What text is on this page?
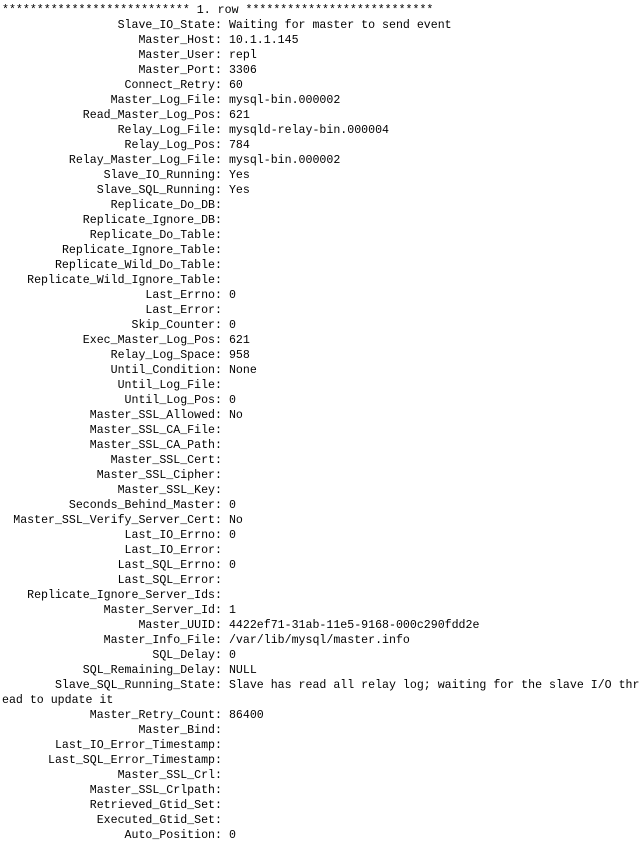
*************************** 1. row ***************************
Slave_IO_State : Waiting for master to send event
Master_Host : 10.1.1.145
Master_User : repl
Master_Port : 3306
Connect_Retry : 60
Master_Log_File : mysql-bin.000002
Read_Master_Log_Pos : 621
Relay_Log_File : mysqld-relay-bin.000004
Relay_Log_Pos : 784
Relay_Master_Log_File : mysql-bin.000002
Slave_IO_Running : Yes
Slave_SQL_Running : Yes
Replicate_Do_DB :
Replicate_Ignore_DB :
Replicate_Do_Table :
Replicate_Ignore_Table :
Replicate_Wild_Do_Table :
Replicate_Wild_Ignore_Table :
Last_Errno : 0
Last_Error :
Skip_Counter : 0
Exec_Master_Log_Pos : 621
Relay_Log_Space : 958
Until_Condition : None
Until_Log_File :
Until_Log_Pos : 0
Master_SSL_Allowed : No
Master_SSL_CA_File :
Master_SSL_CA_Path :
Master_SSL_Cert :
Master_SSL_Cipher :
Master_SSL_Key :
Seconds_Behind_Master : 0
Master_SSL_Verify_Server_Cert : No
Last_IO_Errno : 0
Last_IO_Error :
Last_SQL_Errno : 0
Last_SQL_Error :
Replicate_Ignore_Server_Ids :
Master_Server_Id : 1
Master_UUID : 4422ef71-31ab-11e5-9168-000c290fdd2e
Master_Info_File : /var/lib/mysql/master.info
SQL_Delay : 0
SQL_Remaining_Delay : NULL
Slave_SQL_Running_State : Slave has read all relay log; waiting for the slave I/O thr
ead to update it
Master_Retry_Count : 86400
Master_Bind :
Last_IO_Error_Timestamp :
Last_SQL_Error_Timestamp :
Master_SSL_Crl :
Master_SSL_Crlpath :
Retrieved_Gtid_Set :
Executed_Gtid_Set :
Auto_Position : 0
